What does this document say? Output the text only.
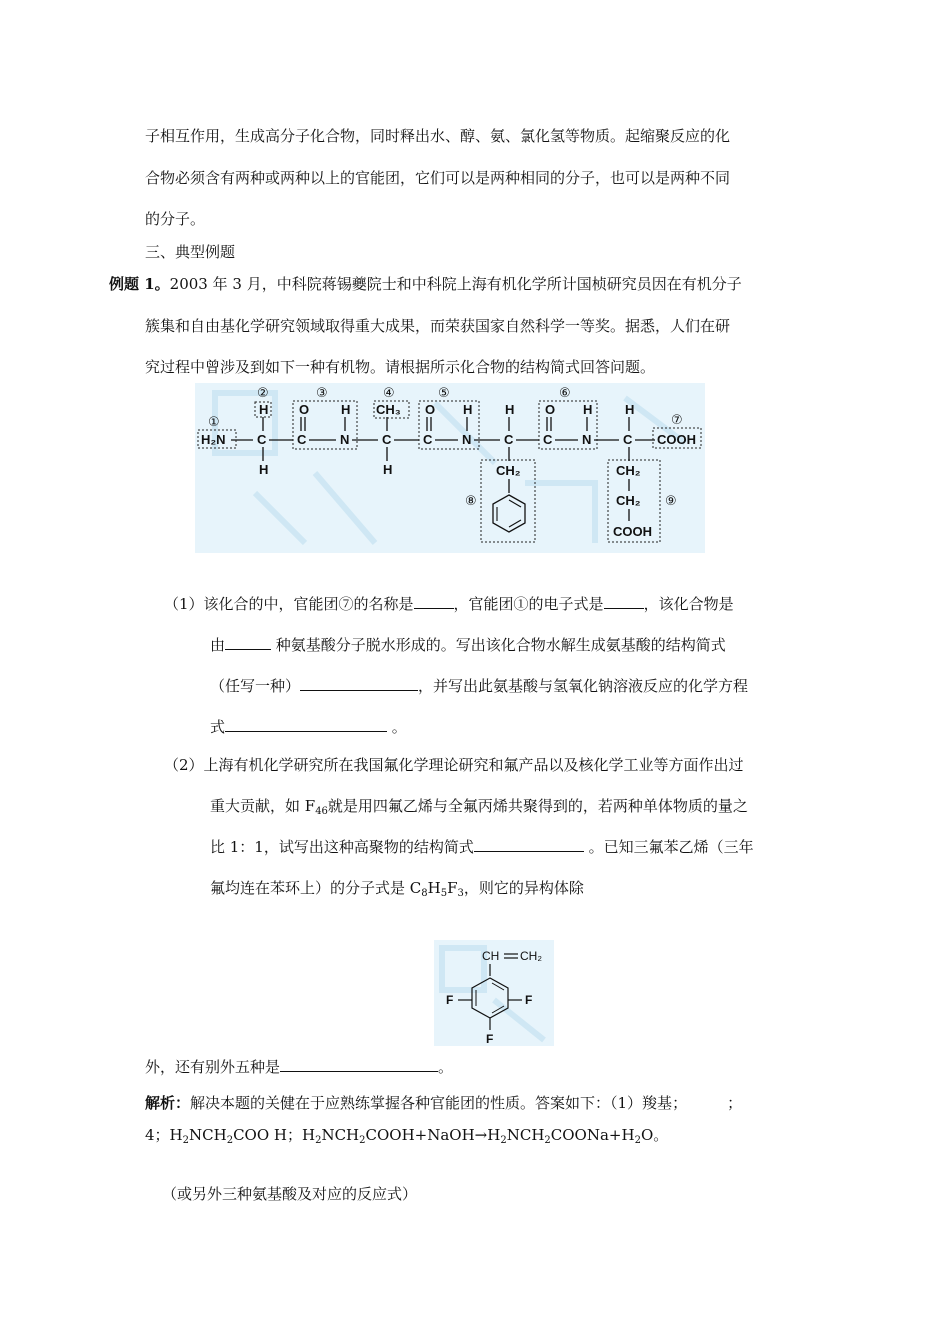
子相互作用，生成高分子化合物，同时释出水、醇、氨、氯化氢等物质。起缩聚反应的化
合物必须含有两种或两种以上的官能团，它们可以是两种相同的分子，也可以是两种不同
的分子。
三、典型例题
例题 1。2003 年 3 月，中科院蒋锡夔院士和中科院上海有机化学所计国桢研究员因在有机分子
簇集和自由基化学研究领域取得重大成果，而荣获国家自然科学一等奖。据悉，人们在研
究过程中曾涉及到如下一种有机物。请根据所示化合物的结构简式回答问题。
H₂N C C	N	C C N	C C N C COOH
H O H CH₃ O H	H O H	H
H	H	CH₂	CH₂
CH₂
COOH
①
②	③	④	⑤	⑥
⑦
⑧	⑨
（1）该化合的中，官能团⑦的名称是	，官能团①的电子式是	，该化合物是
由	种氨基酸分子脱水形成的。写出该化合物水解生成氨基酸的结构简式
（任写一种）	，并写出此氨基酸与氢氧化钠溶液反应的化学方程
式	。
（2）上海有机化学研究所在我国氟化学理论研究和氟产品以及核化学工业等方面作出过
重大贡献，如 $F_{46}$就是用四氟乙烯与全氟丙烯共聚得到的，若两种单体物质的量之
比 1：1，试写出这种高聚物的结构简式	。已知三氟苯乙烯（三年
氟均连在苯环上）的分子式是 $C_8H_5F_3$，则它的异构体除
CH CH₂
F	F
F
外，还有别外五种是	。
解析：解决本题的关健在于应熟练掌握各种官能团的性质。答案如下：（1）羧基；	；
4；$H_2NCH_2COO$ H；$H_2NCH_2COOH+NaOH\to H_2NCH_2COONa+H_2O$。
（或另外三种氨基酸及对应的反应式）
